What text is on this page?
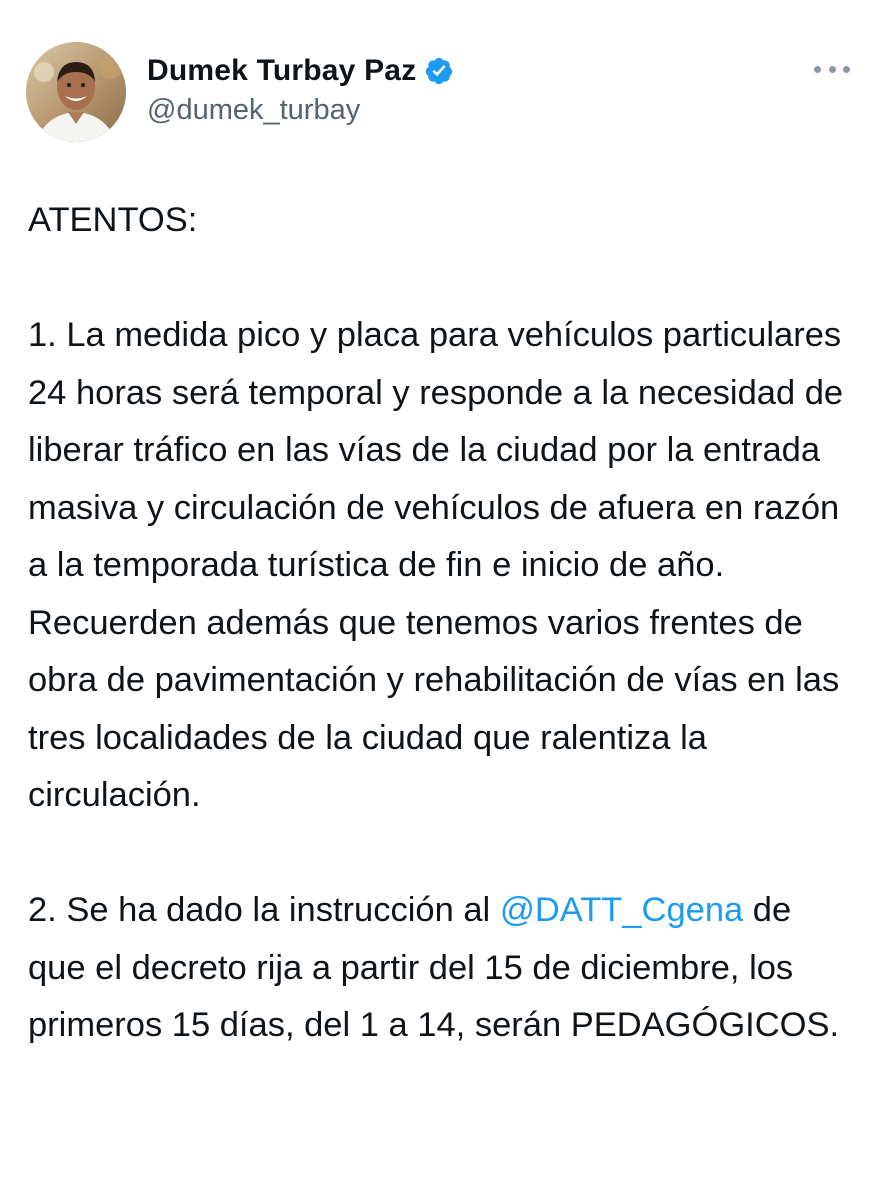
Dumek Turbay Paz
@dumek_turbay

ATENTOS:

1. La medida pico y placa para vehículos particulares 24 horas será temporal y responde a la necesidad de liberar tráfico en las vías de la ciudad por la entrada masiva y circulación de vehículos de afuera en razón a la temporada turística de fin e inicio de año. Recuerden además que tenemos varios frentes de obra de pavimentación y rehabilitación de vías en las tres localidades de la ciudad que ralentiza la circulación.

2. Se ha dado la instrucción al @DATT_Cgena de que el decreto rija a partir del 15 de diciembre, los primeros 15 días, del 1 a 14, serán PEDAGÓGICOS.
